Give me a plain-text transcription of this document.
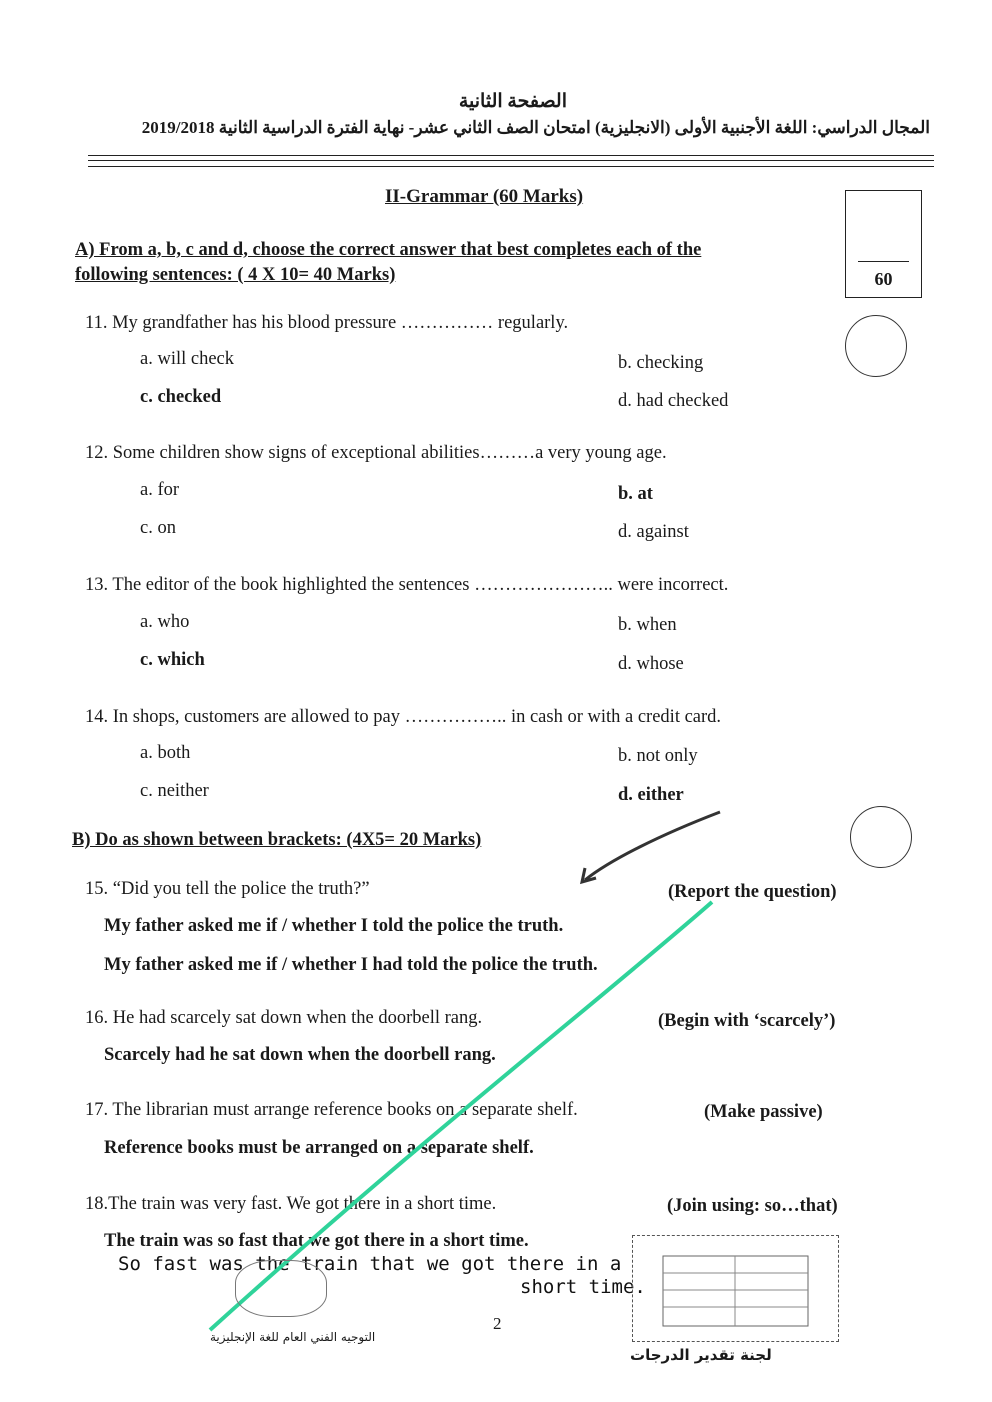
الصفحة الثانية
المجال الدراسي: اللغة الأجنبية الأولى (الانجليزية) امتحان الصف الثاني عشر- نهاية الفترة الدراسية الثانية 2019/2018
II-Grammar (60 Marks)
60
A) From a, b, c and d, choose the correct answer that best completes each of the
following sentences: ( 4 X 10= 40 Marks)
11. My grandfather has his blood pressure …………… regularly.
a. will check	b. checking
c. checked	d. had checked
12. Some children show signs of exceptional abilities………a very young age.
a. for	b. at
c. on	d. against
13. The editor of the book highlighted the sentences ………………….. were incorrect.
a. who	b. when
c. which	d. whose
14. In shops, customers are allowed to pay …………….. in cash or with a credit card.
a. both	b. not only
c. neither	d. either
B) Do as shown between brackets: (4X5= 20 Marks)
15. “Did you tell the police the truth?”	(Report the question)
My father asked me if / whether I told the police the truth.
My father asked me if / whether I had told the police the truth.
16. He had scarcely sat down when the doorbell rang.	(Begin with ‘scarcely’)
Scarcely had he sat down when the doorbell rang.
17. The librarian must arrange reference books on a separate shelf.	(Make passive)
Reference books must be arranged on a separate shelf.
18.The train was very fast. We got there in a short time.	(Join using: so…that)
The train was so fast that we got there in a short time.
So fast was the train that we got there in a
short time.
التوجيه الفني العام للغة الإنجليزية
2
لجنة تقدير الدرجات
